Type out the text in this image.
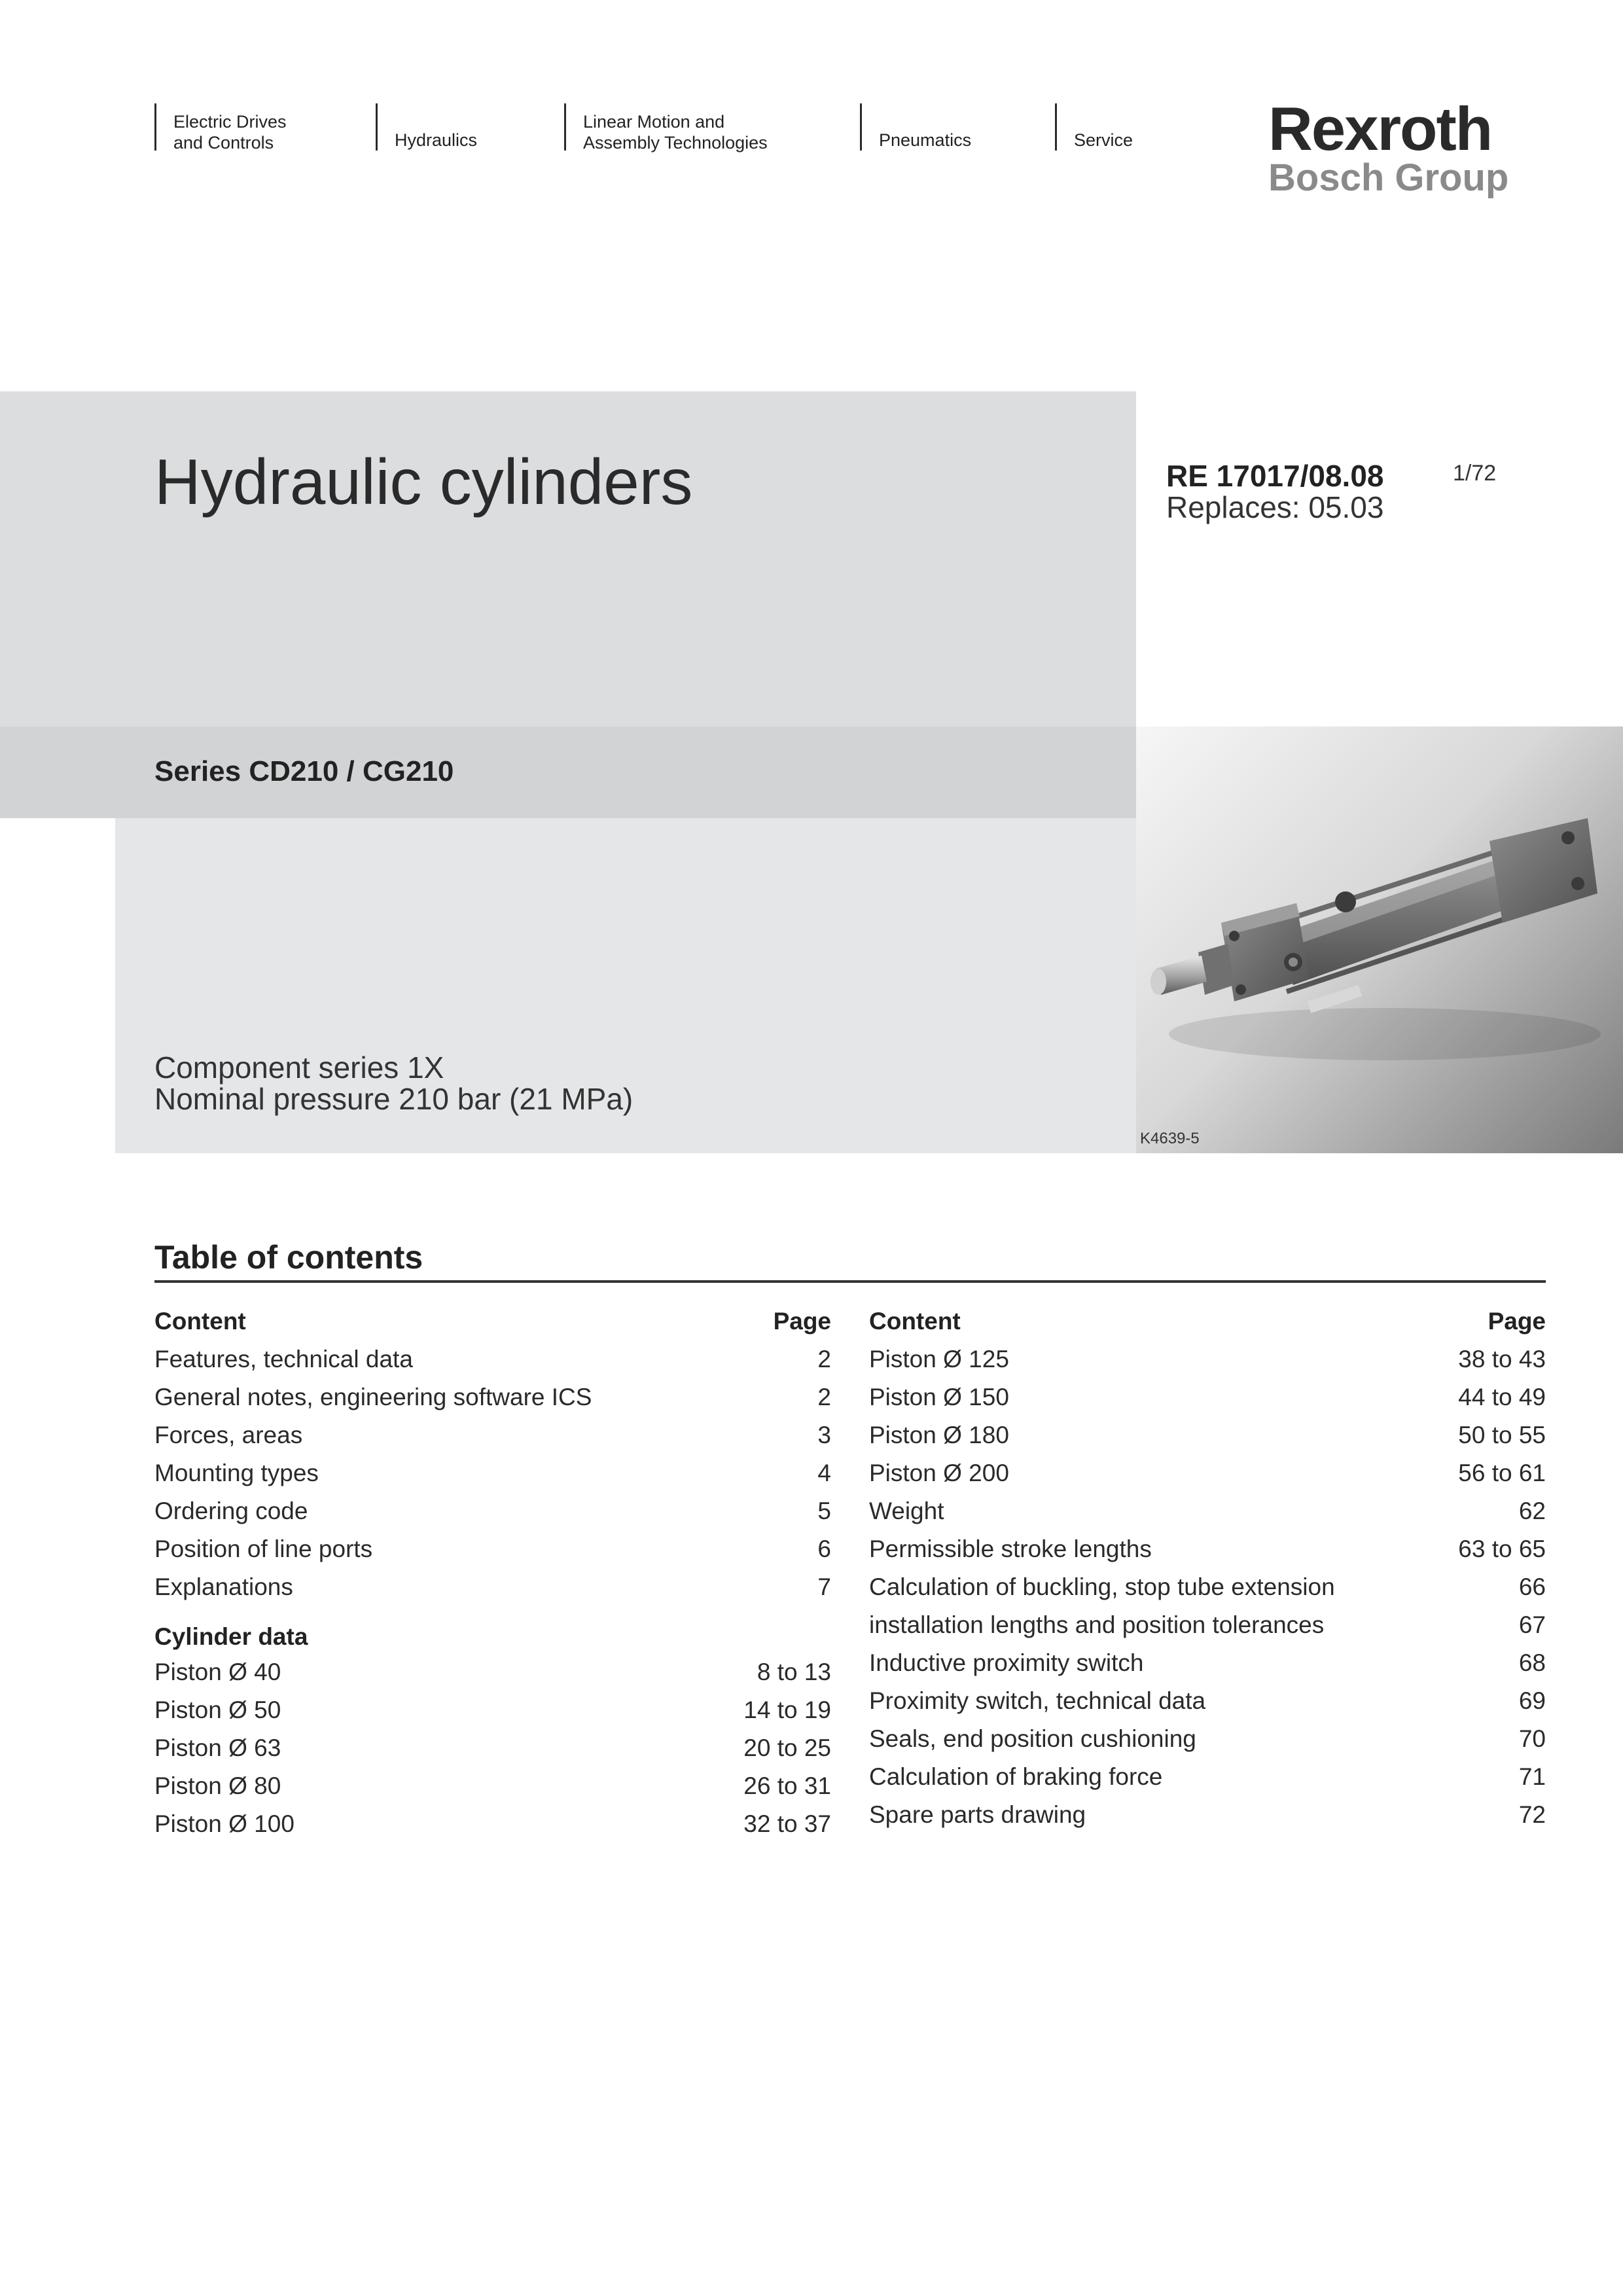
Electric Drives
and Controls	Hydraulics
Linear Motion and
Assembly Technologies	Pneumatics	Service Rexroth
Bosch Group
Hydraulic cylinders	RE 17017/08.08
Replaces: 05.03
1/72
Series CD210 / CG210
Component series 1X
Nominal pressure 210 bar (21 MPa)
K4639-5
Table of contents
Content	Page
Features, technical data	2
General notes, engineering software ICS	2
Forces, areas	3
Mounting types	4
Ordering code	5
Position of line ports	6
Explanations	7
Cylinder data
Piston Ø 40	8 to 13
Piston Ø 50	14 to 19
Piston Ø 63	20 to 25
Piston Ø 80	26 to 31
Piston Ø 100	32 to 37
Content	Page
Piston Ø 125	38 to 43
Piston Ø 150	44 to 49
Piston Ø 180	50 to 55
Piston Ø 200	56 to 61
Weight	62
Permissible stroke lengths	63 to 65
Calculation of buckling, stop tube extension	66
installation lengths and position tolerances	67
Inductive proximity switch	68
Proximity switch, technical data	69
Seals, end position cushioning	70
Calculation of braking force	71
Spare parts drawing	72
